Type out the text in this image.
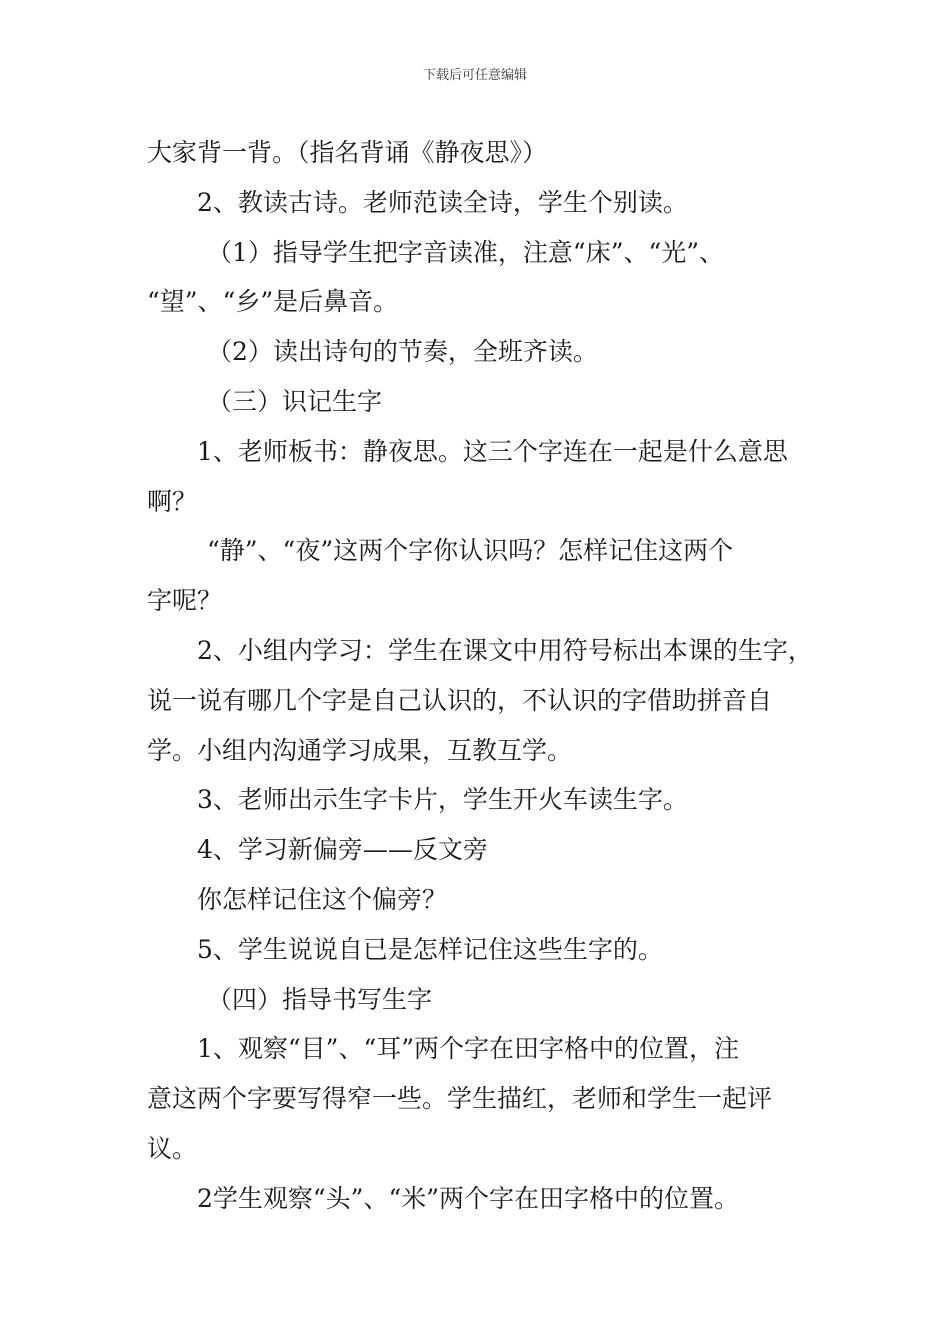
下载后可任意编辑

大家背一背。（指名背诵《静夜思》）

2、教读古诗。老师范读全诗，学生个别读。

（1）指导学生把字音读准，注意“床”、“光”、

“望”、“乡”是后鼻音。

（2）读出诗句的节奏，全班齐读。

（三）识记生字

1、老师板书：静夜思。这三个字连在一起是什么意思

啊？

“静”、“夜”这两个字你认识吗？怎样记住这两个

字呢？

2、小组内学习：学生在课文中用符号标出本课的生字，

说一说有哪几个字是自己认识的，不认识的字借助拼音自

学。小组内沟通学习成果，互教互学。

3、老师出示生字卡片，学生开火车读生字。

4、学习新偏旁——反文旁

你怎样记住这个偏旁？

5、学生说说自已是怎样记住这些生字的。

（四）指导书写生字

1、观察“目”、“耳”两个字在田字格中的位置，注

意这两个字要写得窄一些。学生描红，老师和学生一起评

议。

2学生观察“头”、“米”两个字在田字格中的位置。
